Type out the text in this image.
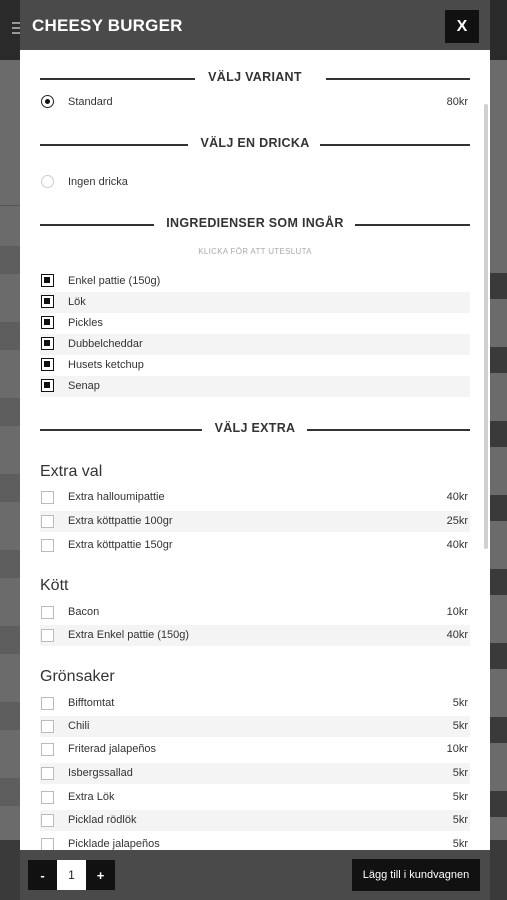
CHEESY BURGER	X
VÄLJ VARIANT
Standard	80kr
VÄLJ EN DRICKA
Ingen dricka
INGREDIENSER SOM INGÅR
KLICKA FÖR ATT UTESLUTA
Enkel pattie (150g)
Lök
Pickles
Dubbelcheddar
Husets ketchup
Senap
VÄLJ EXTRA
Extra val
Extra halloumipattie	40kr
Extra köttpattie 100gr	25kr
Extra köttpattie 150gr	40kr
Kött
Bacon	10kr
Extra Enkel pattie (150g)	40kr
Grönsaker
Bifftomtat	5kr
Chili	5kr
Friterad jalapeños	10kr
Isbergssallad	5kr
Extra Lök	5kr
Picklad rödlök	5kr
Picklade jalapeños	5kr
-	1	+	Lägg till i kundvagnen
